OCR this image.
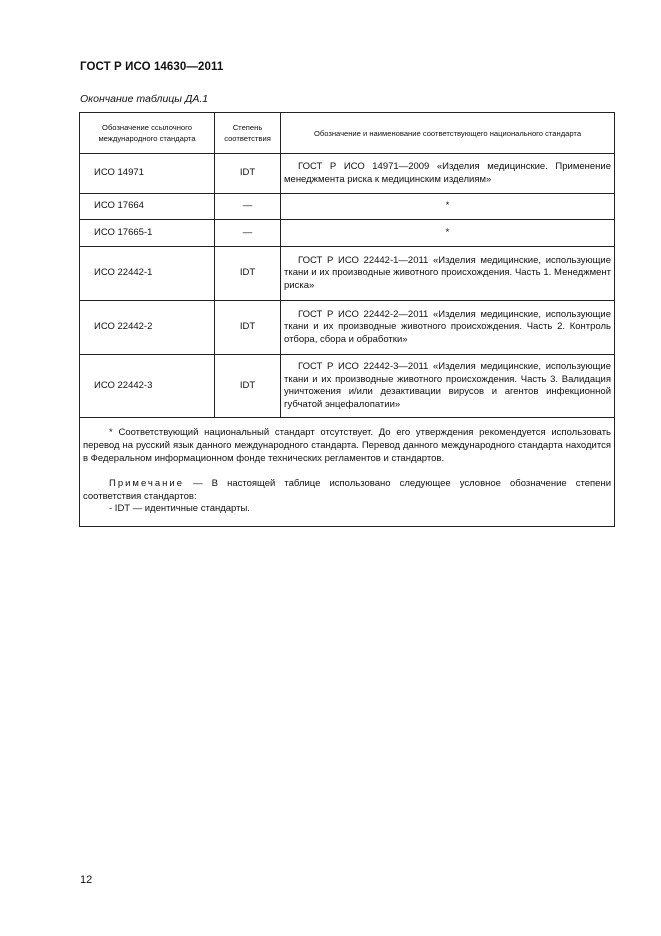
ГОСТ Р ИСО 14630—2011
Окончание таблицы ДА.1
Обозначение ссылочного международного стандарта	Степень соответствия	Обозначение и наименование соответствующего национального стандарта
ИСО 14971	IDT	ГОСТ Р ИСО 14971—2009 «Изделия медицинские. Применение менеджмента риска к медицинским изделиям»

ИСО 17664	—	*
ИСО 17665-1	—	*
ИСО 22442-1	IDT	ГОСТ Р ИСО 22442-1—2011 «Изделия медицинские, использующие ткани и их производные животного происхождения. Часть 1. Менеджмент риска»

ИСО 22442-2	IDT	ГОСТ Р ИСО 22442-2—2011 «Изделия медицинские, использующие ткани и их производные животного происхождения. Часть 2. Контроль отбора, сбора и обработки»

ИСО 22442-3	IDT	ГОСТ Р ИСО 22442-3—2011 «Изделия медицинские, использующие ткани и их производные животного происхождения. Часть 3. Валидация уничтожения и/или дезактивации вирусов и агентов инфекционной губчатой энцефалопатии»

* Соответствующий национальный стандарт отсутствует. До его утверждения рекомендуется использовать перевод на русский язык данного международного стандарта. Перевод данного международного стандарта находится в Федеральном информационном фонде технических регламентов и стандартов.

Примечание — В настоящей таблице использовано следующее условное обозначение степени соответствия стандартов:

- IDT — идентичные стандарты.		

12
